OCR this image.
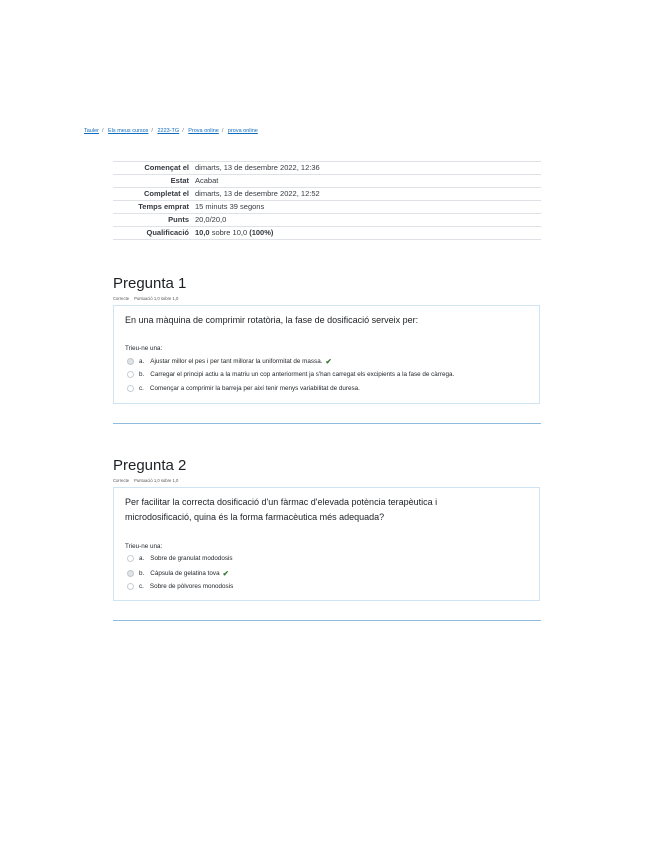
Tauler / Els meus cursos / 2223-TG / Prova online / prova online
Començat el	dimarts, 13 de desembre 2022, 12:36
Estat	Acabat
Completat el	dimarts, 13 de desembre 2022, 12:52
Temps emprat	15 minuts 39 segons
Punts	20,0/20,0
Qualificació	10,0 sobre 10,0 (100%)
Pregunta 1
Correcte Puntuació 1,0 sobre 1,0

En una màquina de comprimir rotatòria, la fase de dosificació serveix per:

Trieu-ne una:
a. Ajustar millor el pes i per tant millorar la uniformitat de massa. ✔
b. Carregar el principi actiu a la matriu un cop anteriorment ja s'han carregat els excipients a la fase de càrrega.
c. Començar a comprimir la barreja per així tenir menys variabilitat de duresa.
Pregunta 2
Correcte Puntuació 1,0 sobre 1,0

Per facilitar la correcta dosificació d'un fàrmac d'elevada potència terapèutica i

microdosificació, quina és la forma farmacèutica més adequada?

Trieu-ne una:
a. Sobre de granulat mododosis
b. Càpsula de gelatina tova ✔
c. Sobre de pòlvores monodosis
